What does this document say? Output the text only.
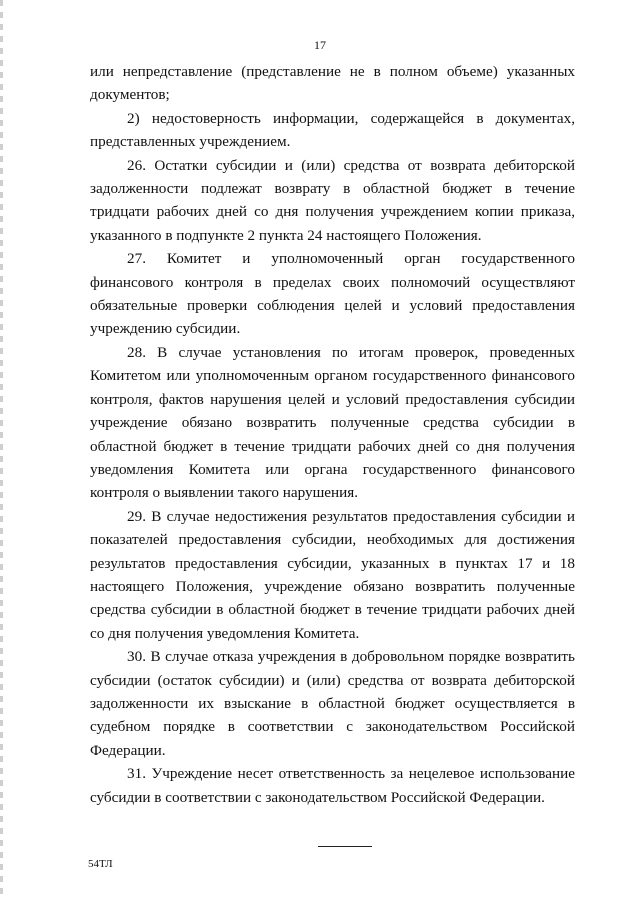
17

или непредставление (представление не в полном объеме) указанных документов;

2) недостоверность информации, содержащейся в документах, представленных учреждением.

26. Остатки субсидии и (или) средства от возврата дебиторской задолженности подлежат возврату в областной бюджет в течение тридцати рабочих дней со дня получения учреждением копии приказа, указанного в подпункте 2 пункта 24 настоящего Положения.

27. Комитет и уполномоченный орган государственного финансового контроля в пределах своих полномочий осуществляют обязательные проверки соблюдения целей и условий предоставления учреждению субсидии.

28. В случае установления по итогам проверок, проведенных Комитетом или уполномоченным органом государственного финансового контроля, фактов нарушения целей и условий предоставления субсидии учреждение обязано возвратить полученные средства субсидии в областной бюджет в течение тридцати рабочих дней со дня получения уведомления Комитета или органа государственного финансового контроля о выявлении такого нарушения.

29. В случае недостижения результатов предоставления субсидии и показателей предоставления субсидии, необходимых для достижения результатов предоставления субсидии, указанных в пунктах 17 и 18 настоящего Положения, учреждение обязано возвратить полученные средства субсидии в областной бюджет в течение тридцати рабочих дней со дня получения уведомления Комитета.

30. В случае отказа учреждения в добровольном порядке возвратить субсидии (остаток субсидии) и (или) средства от возврата дебиторской задолженности их взыскание в областной бюджет осуществляется в судебном порядке в соответствии с законодательством Российской Федерации.

31. Учреждение несет ответственность за нецелевое использование субсидии в соответствии с законодательством Российской Федерации.

54ТЛ
